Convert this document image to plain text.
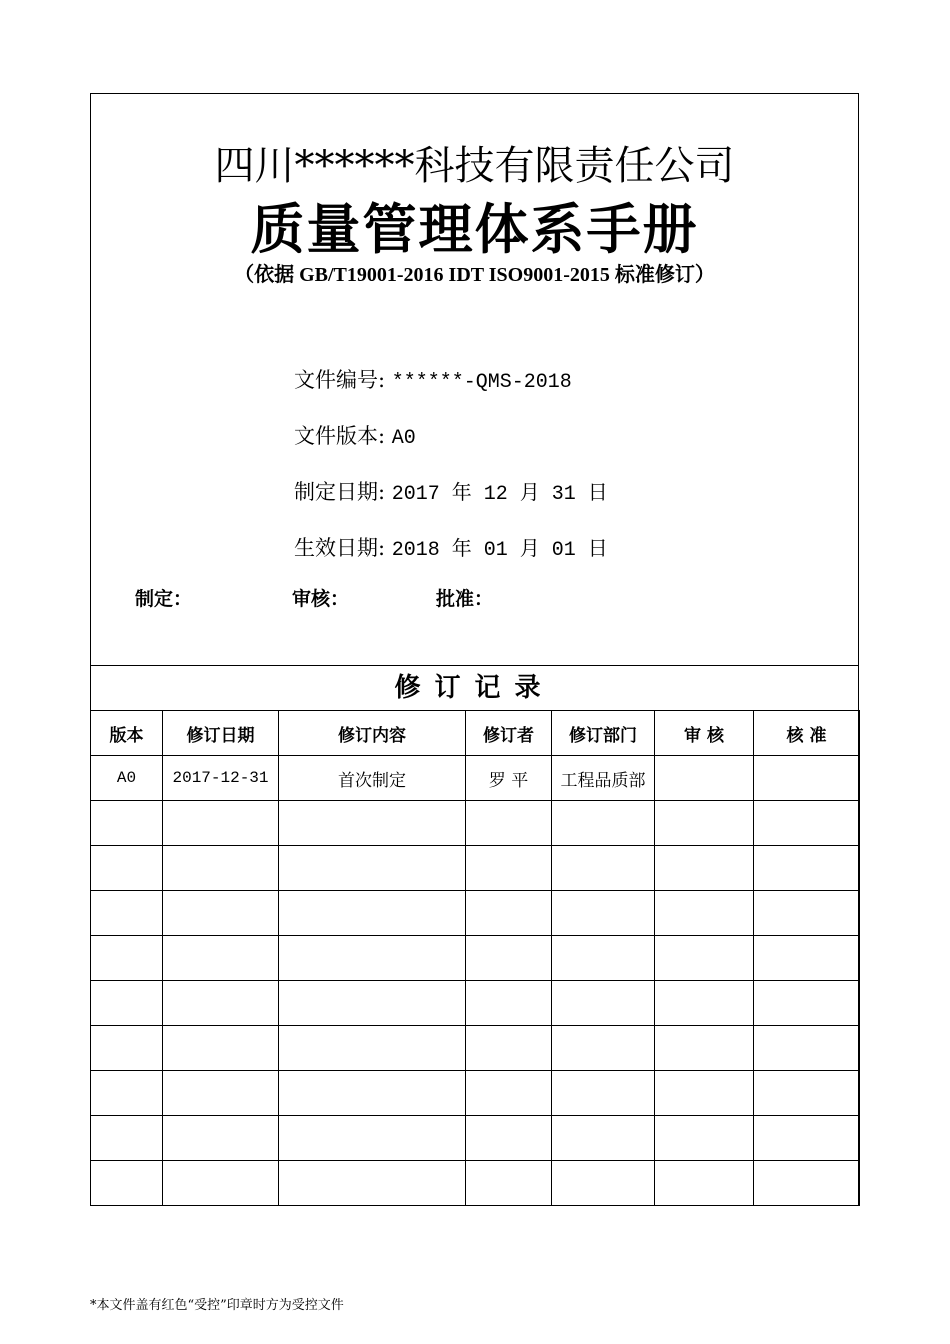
四川******科技有限责任公司
质量管理体系手册
（依据 GB/T19001-2016 IDT ISO9001-2015 标准修订）
文件编号: ******-QMS-2018
文件版本: A0
制定日期: 2017 年 12 月 31 日
生效日期: 2018 年 01 月 01 日
制定：	审核：	批准：
修订记录
版本	修订日期	修订内容	修订者	修订部门	审 核	核 准
A0	2017-12-31	首次制定	罗 平	工程品质部		

*本文件盖有红色“受控”印章时方为受控文件
